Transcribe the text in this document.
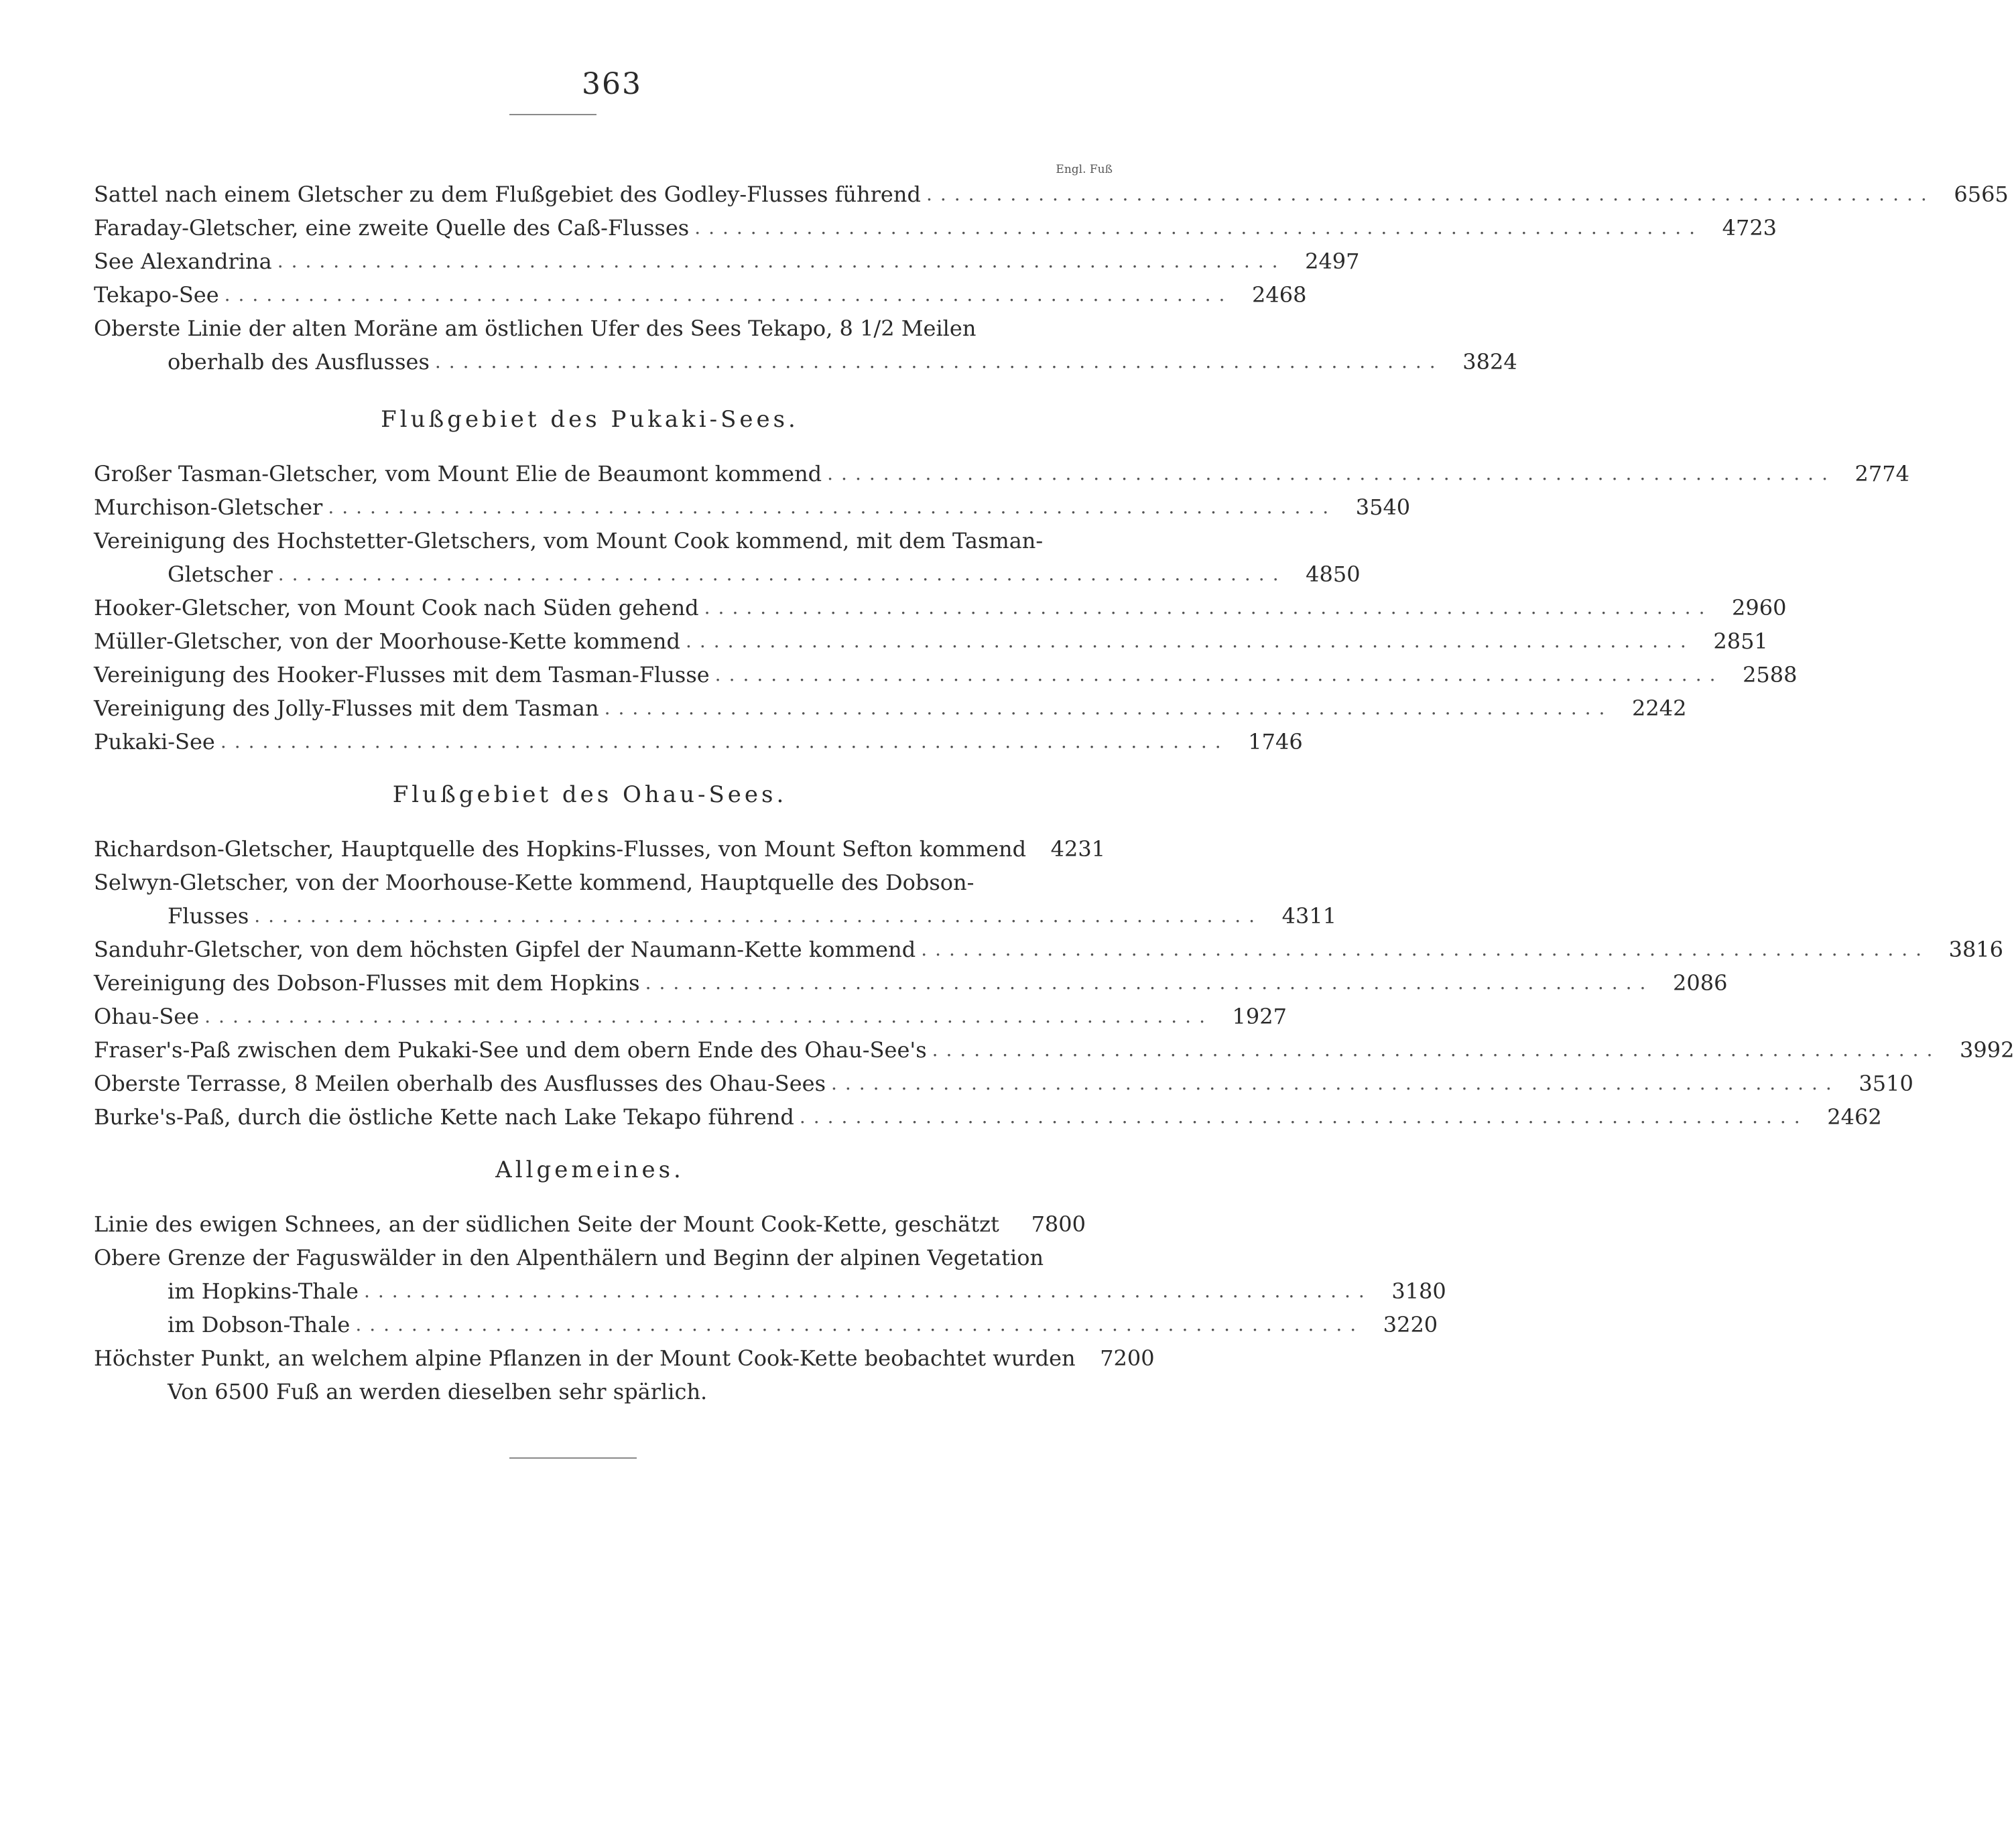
363
Engl. Fuß
Sattel nach einem Gletscher zu dem Flußgebiet des Godley-Flusses führend ........................................................................ 6565
Faraday-Gletscher, eine zweite Quelle des Caß-Flusses ........................................................................ 4723
See Alexandrina ........................................................................ 2497
Tekapo-See ........................................................................ 2468
Oberste Linie der alten Moräne am östlichen Ufer des Sees Tekapo, 8 1/2 Meilen
oberhalb des Ausflusses ........................................................................ 3824
Flußgebiet des Pukaki-Sees.
Großer Tasman-Gletscher, vom Mount Elie de Beaumont kommend ........................................................................ 2774
Murchison-Gletscher ........................................................................ 3540
Vereinigung des Hochstetter-Gletschers, vom Mount Cook kommend, mit dem Tasman-
Gletscher ........................................................................ 4850
Hooker-Gletscher, von Mount Cook nach Süden gehend ........................................................................ 2960
Müller-Gletscher, von der Moorhouse-Kette kommend ........................................................................ 2851
Vereinigung des Hooker-Flusses mit dem Tasman-Flusse ........................................................................ 2588
Vereinigung des Jolly-Flusses mit dem Tasman ........................................................................ 2242
Pukaki-See ........................................................................ 1746
Flußgebiet des Ohau-Sees.
Richardson-Gletscher, Hauptquelle des Hopkins-Flusses, von Mount Sefton kommend	4231
Selwyn-Gletscher, von der Moorhouse-Kette kommend, Hauptquelle des Dobson-
Flusses ........................................................................ 4311
Sanduhr-Gletscher, von dem höchsten Gipfel der Naumann-Kette kommend ........................................................................ 3816
Vereinigung des Dobson-Flusses mit dem Hopkins ........................................................................ 2086
Ohau-See ........................................................................ 1927
Fraser's-Paß zwischen dem Pukaki-See und dem obern Ende des Ohau-See's ........................................................................ 3992
Oberste Terrasse, 8 Meilen oberhalb des Ausflusses des Ohau-Sees ........................................................................ 3510
Burke's-Paß, durch die östliche Kette nach Lake Tekapo führend ........................................................................ 2462
Allgemeines.
Linie des ewigen Schnees, an der südlichen Seite der Mount Cook-Kette, geschätzt	7800
Obere Grenze der Faguswälder in den Alpenthälern und Beginn der alpinen Vegetation
im Hopkins-Thale ........................................................................ 3180
im Dobson-Thale ........................................................................ 3220
Höchster Punkt, an welchem alpine Pflanzen in der Mount Cook-Kette beobachtet wurden	7200
Von 6500 Fuß an werden dieselben sehr spärlich.
